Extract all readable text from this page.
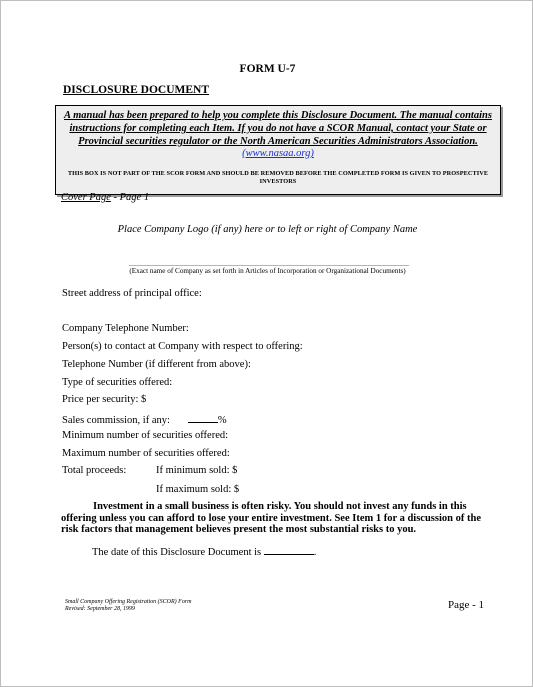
FORM U-7
DISCLOSURE DOCUMENT
A manual has been prepared to help you complete this Disclosure Document. The manual contains instructions for completing each Item. If you do not have a SCOR Manual, contact your State or Provincial securities regulator or the North American Securities Administrators Association.
(www.nasaa.org)
THIS BOX IS NOT PART OF THE SCOR FORM AND SHOULD BE REMOVED BEFORE THE COMPLETED FORM IS GIVEN TO PROSPECTIVE INVESTORS
Cover Page - Page 1
Place Company Logo (if any) here or to left or right of Company Name
(Exact name of Company as set forth in Articles of Incorporation or Organizational Documents)
Street address of principal office:
Company Telephone Number:
Person(s) to contact at Company with respect to offering:
Telephone Number (if different from above):
Type of securities offered:
Price per security: $
Sales commission, if any:	%
Minimum number of securities offered:
Maximum number of securities offered:
Total proceeds:	If minimum sold: $
If maximum sold: $
Investment in a small business is often risky. You should not invest any funds in this offering unless you can afford to lose your entire investment. See Item 1 for a discussion of the risk factors that management believes present the most substantial risks to you.
The date of this Disclosure Document is	.
Small Company Offering Registration (SCOR) Form
Revised: September 28, 1999	Page - 1
